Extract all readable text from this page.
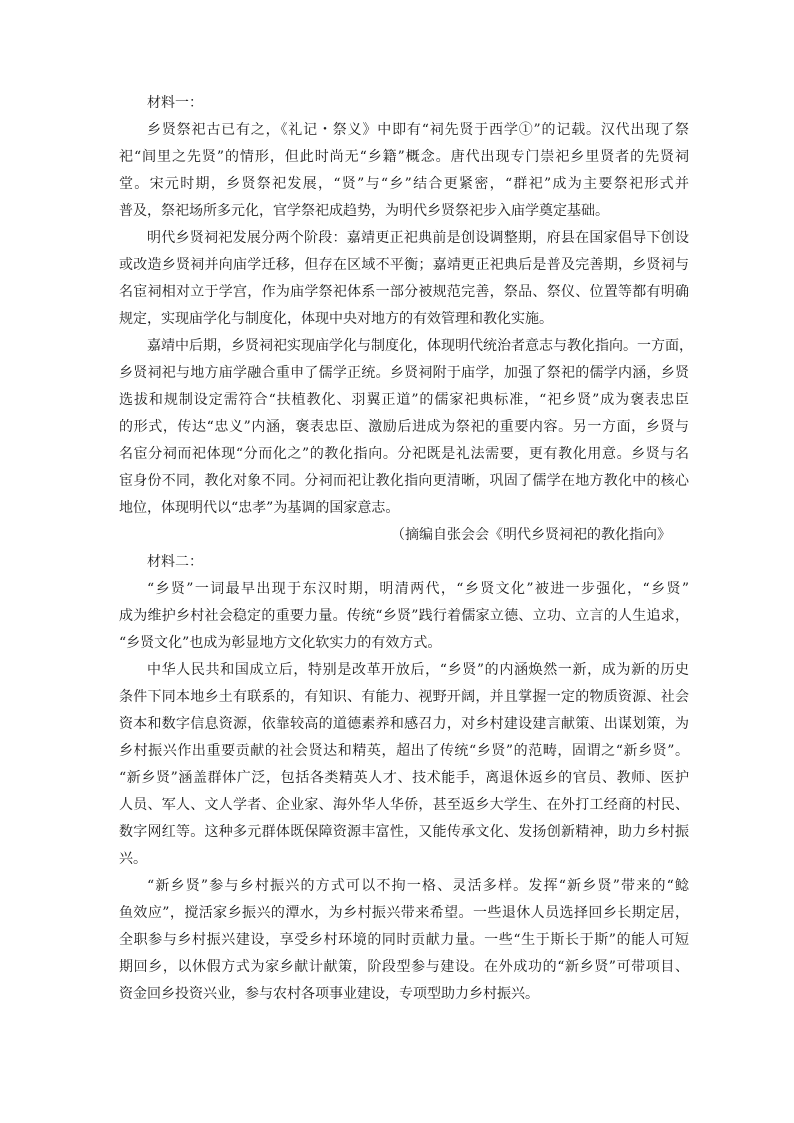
材料一：
乡贤祭祀古已有之，《礼记・祭义》中即有“祠先贤于西学①”的记载。汉代出现了祭
祀“闾里之先贤”的情形，但此时尚无“乡籍”概念。唐代出现专门崇祀乡里贤者的先贤祠
堂。宋元时期，乡贤祭祀发展，“贤”与“乡”结合更紧密，“群祀”成为主要祭祀形式并
普及，祭祀场所多元化，官学祭祀成趋势，为明代乡贤祭祀步入庙学奠定基础。
明代乡贤祠祀发展分两个阶段：嘉靖更正祀典前是创设调整期，府县在国家倡导下创设
或改造乡贤祠并向庙学迁移，但存在区域不平衡；嘉靖更正祀典后是普及完善期，乡贤祠与
名宦祠相对立于学宫，作为庙学祭祀体系一部分被规范完善，祭品、祭仪、位置等都有明确
规定，实现庙学化与制度化，体现中央对地方的有效管理和教化实施。
嘉靖中后期，乡贤祠祀实现庙学化与制度化，体现明代统治者意志与教化指向。一方面，
乡贤祠祀与地方庙学融合重申了儒学正统。乡贤祠附于庙学，加强了祭祀的儒学内涵，乡贤
选拔和规制设定需符合“扶植教化、羽翼正道”的儒家祀典标准，“祀乡贤”成为褒表忠臣
的形式，传达“忠义”内涵，褒表忠臣、激励后进成为祭祀的重要内容。另一方面，乡贤与
名宦分祠而祀体现“分而化之”的教化指向。分祀既是礼法需要，更有教化用意。乡贤与名
宦身份不同，教化对象不同。分祠而祀让教化指向更清晰，巩固了儒学在地方教化中的核心
地位，体现明代以“忠孝”为基调的国家意志。
（摘编自张会会《明代乡贤祠祀的教化指向》
材料二：
“乡贤”一词最早出现于东汉时期，明清两代，“乡贤文化”被进一步强化，“乡贤”
成为维护乡村社会稳定的重要力量。传统“乡贤”践行着儒家立德、立功、立言的人生追求，
“乡贤文化”也成为彰显地方文化软实力的有效方式。
中华人民共和国成立后，特别是改革开放后，“乡贤”的内涵焕然一新，成为新的历史
条件下同本地乡土有联系的，有知识、有能力、视野开阔，并且掌握一定的物质资源、社会
资本和数字信息资源，依靠较高的道德素养和感召力，对乡村建设建言献策、出谋划策，为
乡村振兴作出重要贡献的社会贤达和精英，超出了传统“乡贤”的范畴，固谓之“新乡贤”。
“新乡贤”涵盖群体广泛，包括各类精英人才、技术能手，离退休返乡的官员、教师、医护
人员、军人、文人学者、企业家、海外华人华侨，甚至返乡大学生、在外打工经商的村民、
数字网红等。这种多元群体既保障资源丰富性，又能传承文化、发扬创新精神，助力乡村振
兴。
“新乡贤”参与乡村振兴的方式可以不拘一格、灵活多样。发挥“新乡贤”带来的“鲶
鱼效应”，搅活家乡振兴的潭水，为乡村振兴带来希望。一些退休人员选择回乡长期定居，
全职参与乡村振兴建设，享受乡村环境的同时贡献力量。一些“生于斯长于斯”的能人可短
期回乡，以休假方式为家乡献计献策，阶段型参与建设。在外成功的“新乡贤”可带项目、
资金回乡投资兴业，参与农村各项事业建设，专项型助力乡村振兴。
